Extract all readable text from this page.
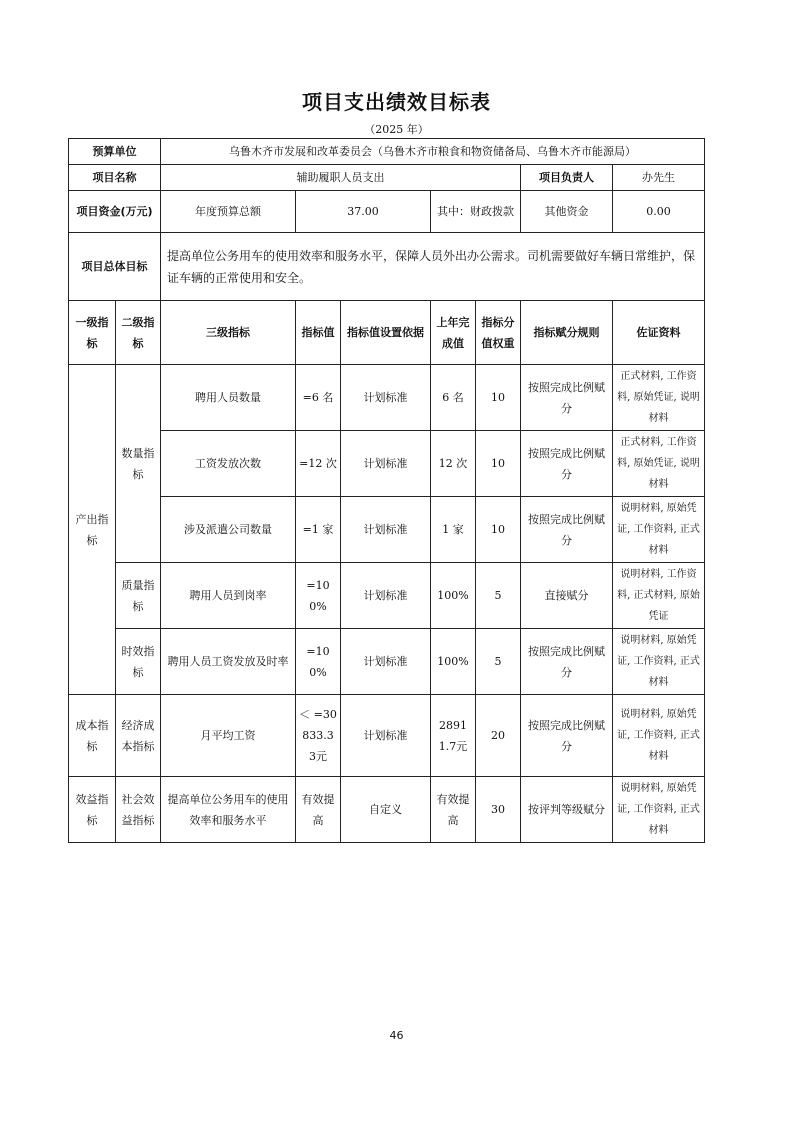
项目支出绩效目标表
（2025 年）
预算单位		乌鲁木齐市发展和改革委员会（乌鲁木齐市粮食和物资储备局、乌鲁木齐市能源局）						
项目名称		辅助履职人员支出					项目负责人	办先生
项目资金(万元)		年度预算总额	37.00		其中：财政拨款		其他资金	0.00
项目总体目标		提高单位公务用车的使用效率和服务水平，保障人员外出办公需求。司机需要做好车辆日常维护，保证车辆的正常使用和安全。						
一级指标	二级指标	三级指标	指标值	指标值设置依据	上年完成值	指标分值权重	指标赋分规则	佐证资料
产出指标	数量指标	聘用人员数量	=6 名	计划标准	6 名	10	按照完成比例赋分	正式材料, 工作资料, 原始凭证, 说明材料
		工资发放次数	=12 次	计划标准	12 次	10	按照完成比例赋分	正式材料, 工作资料, 原始凭证, 说明材料
		涉及派遣公司数量	=1 家	计划标准	1 家	10	按照完成比例赋分	说明材料, 原始凭证, 工作资料, 正式材料
	质量指标	聘用人员到岗率	=100%	计划标准	100%	5	直接赋分	说明材料, 工作资料, 正式材料, 原始凭证
	时效指标	聘用人员工资发放及时率	=100%	计划标准	100%	5	按照完成比例赋分	说明材料, 原始凭证, 工作资料, 正式材料
成本指标	经济成本指标	月平均工资	＜ =30833.33元	计划标准	28911.7元	20	按照完成比例赋分	说明材料, 原始凭证, 工作资料, 正式材料
效益指标	社会效益指标	提高单位公务用车的使用效率和服务水平	有效提高	自定义	有效提高	30	按评判等级赋分	说明材料, 原始凭证, 工作资料, 正式材料
46
